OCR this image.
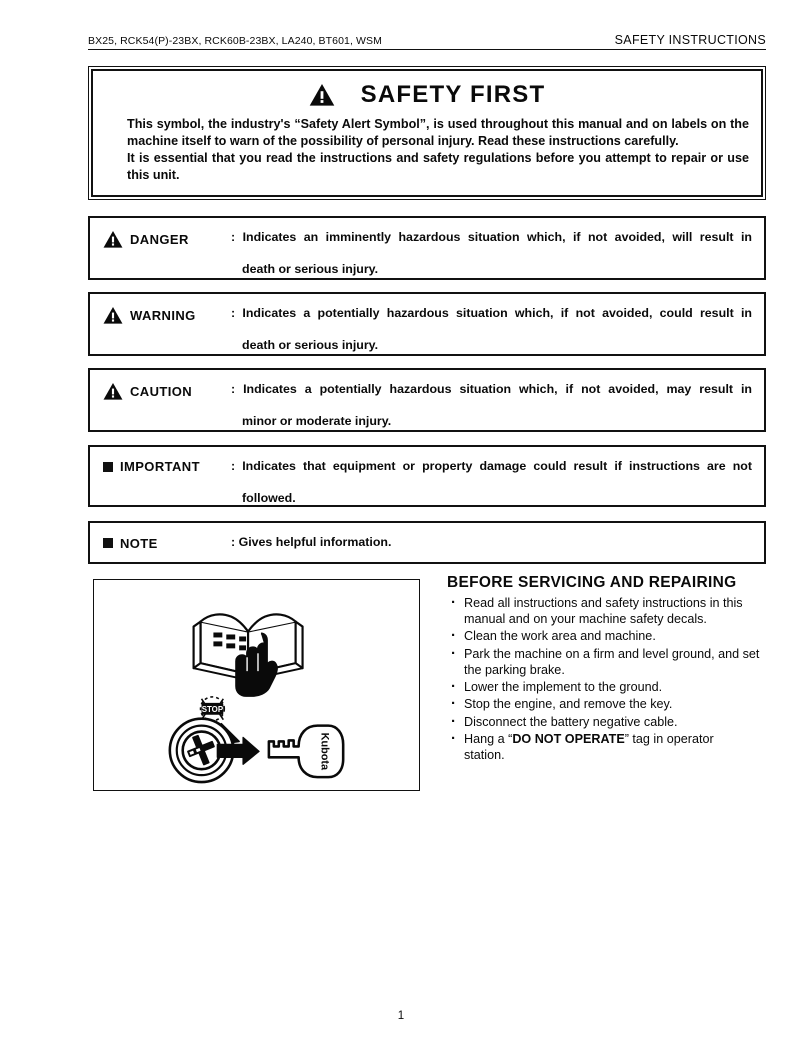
BX25, RCK54(P)-23BX, RCK60B-23BX, LA240, BT601, WSM	SAFETY INSTRUCTIONS
SAFETY FIRST

This symbol, the industry's “Safety Alert Symbol”, is used throughout this manual and on labels on the machine itself to warn of the possibility of personal injury. Read these instructions carefully.

It is essential that you read the instructions and safety regulations before you attempt to repair or use this unit.

DANGER	: Indicates an imminently hazardous situation which, if not avoided, will result in

death or serious injury.

WARNING	: Indicates a potentially hazardous situation which, if not avoided, could result in

death or serious injury.

CAUTION	: Indicates a potentially hazardous situation which, if not avoided, may result in

minor or moderate injury.

IMPORTANT	: Indicates that equipment or property damage could result if instructions are not

followed.

NOTE	: Gives helpful information.

STOP
Kubota
BEFORE SERVICING AND REPAIRING
· Read all instructions and safety instructions in this
manual and on your machine safety decals.
· Clean the work area and machine.
· Park the machine on a firm and level ground, and set
the parking brake.
· Lower the implement to the ground.
· Stop the engine, and remove the key.
· Disconnect the battery negative cable.
· Hang a “DO NOT OPERATE” tag in operator
station.
1
